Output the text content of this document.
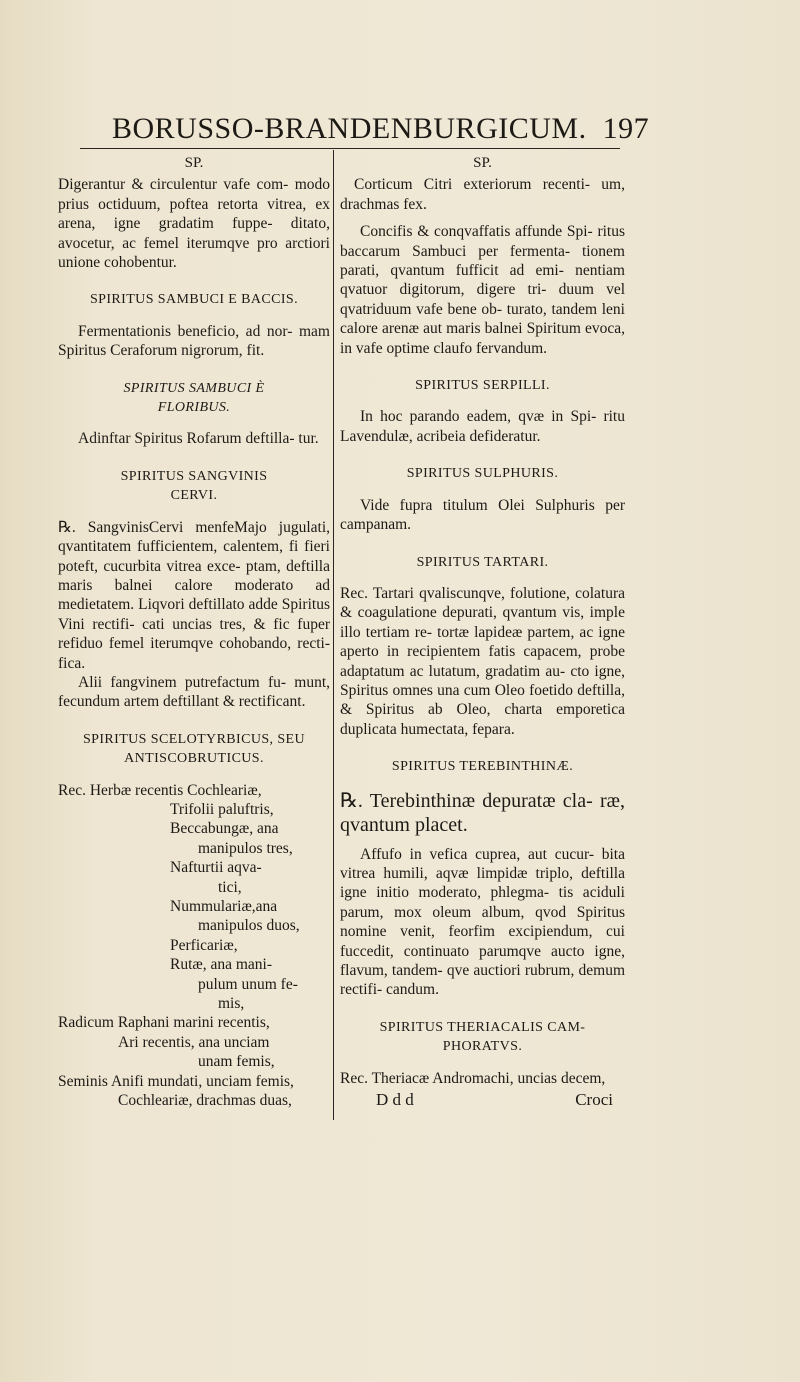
BORUSSO-BRANDENBURGICUM. 197
SP.

Digerantur & circulentur vafe com- modo prius octiduum, poftea retorta vitrea, ex arena, igne gradatim fuppe- ditato, avocetur, ac femel iterumqve pro arctiori unione cohobentur.

SPIRITUS SAMBUCI E BACCIS.

Fermentationis beneficio, ad nor- mam Spiritus Ceraforum nigrorum, fit.

SPIRITUS SAMBUCI È FLORIBUS.

Adinftar Spiritus Rofarum deftilla- tur.

SPIRITUS SANGVINIS CERVI.

℞. SangvinisCervi menfeMajo jugulati, qvantitatem fufficientem, calentem, fi fieri poteft, cucurbita vitrea exce- ptam, deftilla maris balnei calore moderato ad medietatem. Liqvori deftillato adde Spiritus Vini rectifi- cati uncias tres, & fic fuper refiduo femel iterumqve cohobando, recti- fica.

Alii fangvinem putrefactum fu- munt, fecundum artem deftillant & rectificant.

SPIRITUS SCELOTYRBICUS, SEU ANTISCOBRUTICUS.
Rec. Herbæ recentis Cochleariæ,
Trifolii paluftris,
Beccabungæ, ana
manipulos tres,
Nafturtii aqva-
tici,
Nummulariæ,ana
manipulos duos,
Perficariæ,
Rutæ, ana mani-
pulum unum fe-
mis,
Radicum Raphani marini recentis,
Ari recentis, ana unciam
unam femis,
Seminis Anifi mundati, unciam femis,
Cochleariæ, drachmas duas,
SP.

Corticum Citri exteriorum recenti- um, drachmas fex.

Concifis & conqvaffatis affunde Spi- ritus baccarum Sambuci per fermenta- tionem parati, qvantum fufficit ad emi- nentiam qvatuor digitorum, digere tri- duum vel qvatriduum vafe bene ob- turato, tandem leni calore arenæ aut maris balnei Spiritum evoca, in vafe optime claufo fervandum.

SPIRITUS SERPILLI.

In hoc parando eadem, qvæ in Spi- ritu Lavendulæ, acribeia defideratur.

SPIRITUS SULPHURIS.

Vide fupra titulum Olei Sulphuris per campanam.

SPIRITUS TARTARI.

Rec. Tartari qvaliscunqve, folutione, colatura & coagulatione depurati, qvantum vis, imple illo tertiam re- tortæ lapideæ partem, ac igne aperto in recipientem fatis capacem, probe adaptatum ac lutatum, gradatim au- cto igne, Spiritus omnes una cum Oleo foetido deftilla, & Spiritus ab Oleo, charta emporetica duplicata humectata, fepara.

SPIRITUS TEREBINTHINÆ.

℞. Terebinthinæ depuratæ cla- ræ, qvantum placet.

Affufo in vefica cuprea, aut cucur- bita vitrea humili, aqvæ limpidæ triplo, deftilla igne initio moderato, phlegma- tis aciduli parum, mox oleum album, qvod Spiritus nomine venit, feorfim excipiendum, cui fuccedit, continuato parumqve aucto igne, flavum, tandem- qve auctiori rubrum, demum rectifi- candum.

SPIRITUS THERIACALIS CAM- PHORATVS.

Rec. Theriacæ Andromachi, uncias decem,

D d d	Croci
